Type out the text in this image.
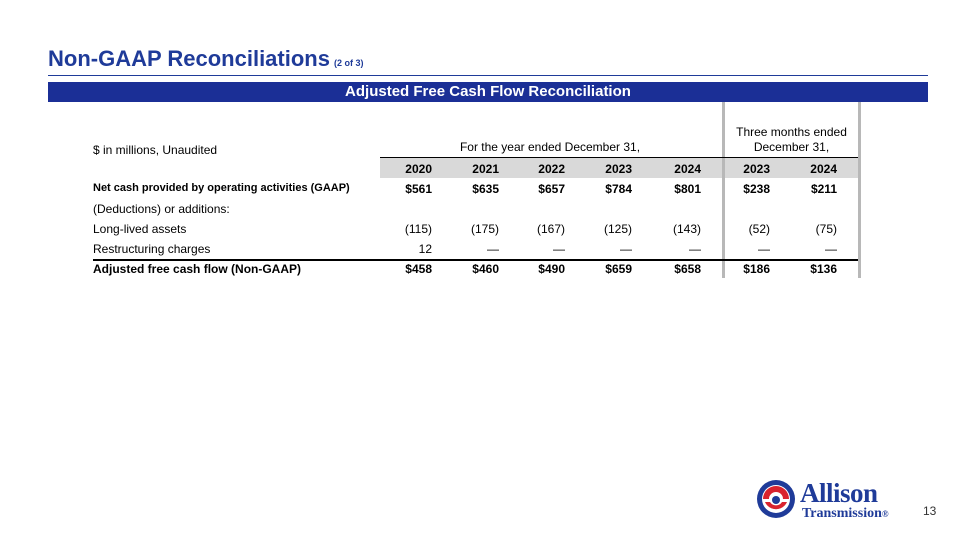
Non-GAAP Reconciliations (2 of 3)
Adjusted Free Cash Flow Reconciliation
$ in millions, Unaudited	For the year ended December 31,
Three months ended
December 31,
2020	2021	2022	2023	2024	2023	2024
Net cash provided by operating activities (GAAP)	$561	$635	$657	$784	$801	$238	$211
(Deductions) or additions:
Long-lived assets	(115)	(175)	(167)	(125)	(143)	(52)	(75)
Restructuring charges	12	—	—	—	—	—	—
Adjusted free cash flow (Non-GAAP)	$458	$460	$490	$659	$658	$186	$136
Allison
Transmission®	13
